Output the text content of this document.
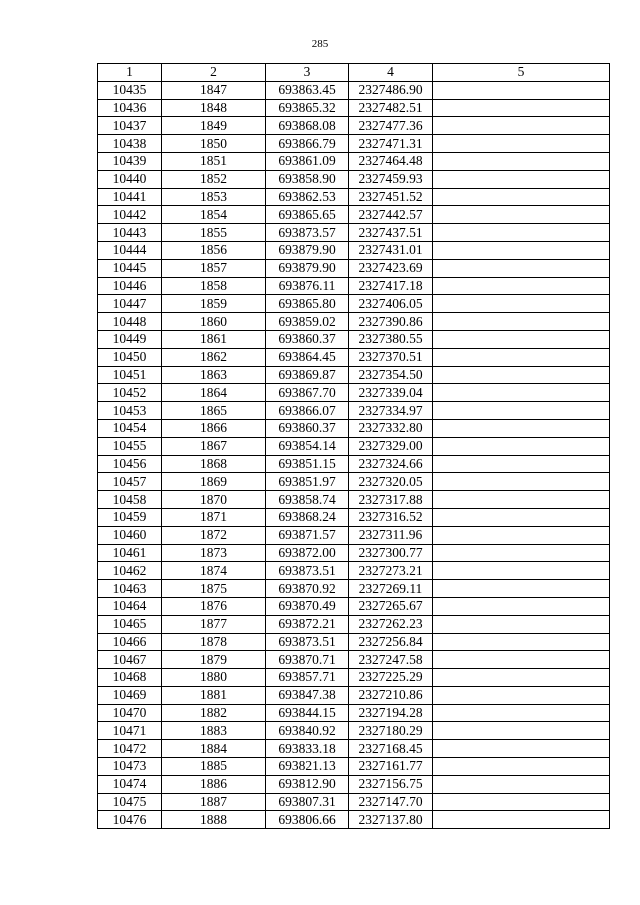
285
1	2	3	4	5
10435	1847	693863.45	2327486.90	
10436	1848	693865.32	2327482.51	
10437	1849	693868.08	2327477.36	
10438	1850	693866.79	2327471.31	
10439	1851	693861.09	2327464.48	
10440	1852	693858.90	2327459.93	
10441	1853	693862.53	2327451.52	
10442	1854	693865.65	2327442.57	
10443	1855	693873.57	2327437.51	
10444	1856	693879.90	2327431.01	
10445	1857	693879.90	2327423.69	
10446	1858	693876.11	2327417.18	
10447	1859	693865.80	2327406.05	
10448	1860	693859.02	2327390.86	
10449	1861	693860.37	2327380.55	
10450	1862	693864.45	2327370.51	
10451	1863	693869.87	2327354.50	
10452	1864	693867.70	2327339.04	
10453	1865	693866.07	2327334.97	
10454	1866	693860.37	2327332.80	
10455	1867	693854.14	2327329.00	
10456	1868	693851.15	2327324.66	
10457	1869	693851.97	2327320.05	
10458	1870	693858.74	2327317.88	
10459	1871	693868.24	2327316.52	
10460	1872	693871.57	2327311.96	
10461	1873	693872.00	2327300.77	
10462	1874	693873.51	2327273.21	
10463	1875	693870.92	2327269.11	
10464	1876	693870.49	2327265.67	
10465	1877	693872.21	2327262.23	
10466	1878	693873.51	2327256.84	
10467	1879	693870.71	2327247.58	
10468	1880	693857.71	2327225.29	
10469	1881	693847.38	2327210.86	
10470	1882	693844.15	2327194.28	
10471	1883	693840.92	2327180.29	
10472	1884	693833.18	2327168.45	
10473	1885	693821.13	2327161.77	
10474	1886	693812.90	2327156.75	
10475	1887	693807.31	2327147.70	
10476	1888	693806.66	2327137.80	
